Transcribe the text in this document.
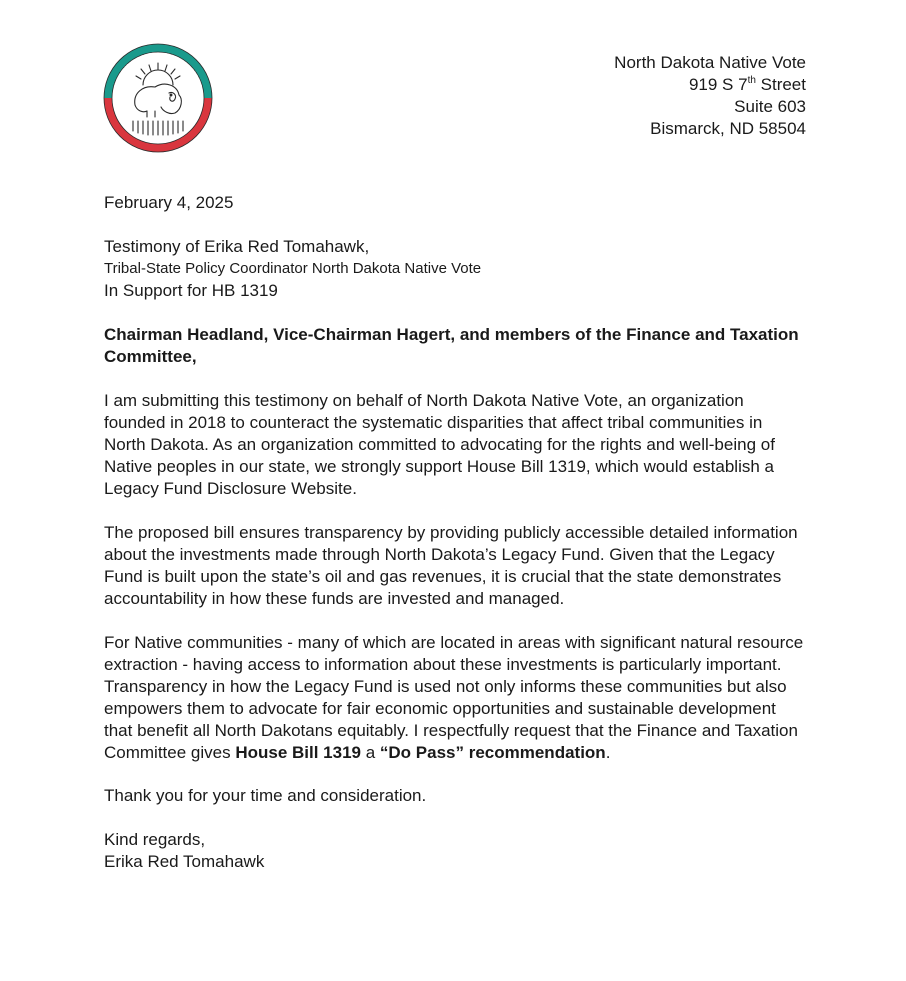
NORTH DAKOTA NATIVE VOTE
INSPIRE INDIGENOUS ACTION
North Dakota Native Vote
919 S 7th Street
Suite 603
Bismarck, ND 58504

February 4, 2025

Testimony of Erika Red Tomahawk,

Tribal-State Policy Coordinator North Dakota Native Vote

In Support for HB 1319

Chairman Headland, Vice-Chairman Hagert, and members of the Finance and Taxation Committee,

I am submitting this testimony on behalf of North Dakota Native Vote, an organization founded in 2018 to counteract the systematic disparities that affect tribal communities in North Dakota. As an organization committed to advocating for the rights and well-being of Native peoples in our state, we strongly support House Bill 1319, which would establish a Legacy Fund Disclosure Website.

The proposed bill ensures transparency by providing publicly accessible detailed information about the investments made through North Dakota’s Legacy Fund. Given that the Legacy Fund is built upon the state’s oil and gas revenues, it is crucial that the state demonstrates accountability in how these funds are invested and managed.

For Native communities - many of which are located in areas with significant natural resource extraction - having access to information about these investments is particularly important. Transparency in how the Legacy Fund is used not only informs these communities but also empowers them to advocate for fair economic opportunities and sustainable development that benefit all North Dakotans equitably. I respectfully request that the Finance and Taxation Committee gives House Bill 1319 a “Do Pass” recommendation.

Thank you for your time and consideration.

Kind regards,

Erika Red Tomahawk
